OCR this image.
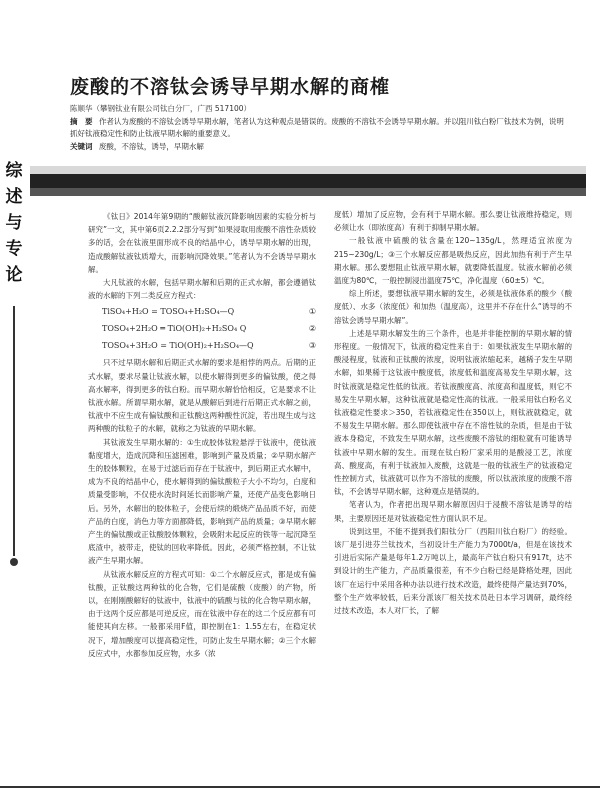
废酸的不溶钛会诱导早期水解的商榷
陈顺华（攀钢钛业有限公司钛白分厂，广西 517100）
摘　要 作者认为废酸的不溶钛会诱导早期水解，笔者认为这种观点是错误的。废酸的不溶钛不会诱导早期水解。并以阻川钛白粉厂钛技术为例，说明抓好钛液稳定性和防止钛液早期水解的重要意义。
关键词 废酸，不溶钛，诱导，早期水解
综
述
与
专
论

《钛日》2014年第9期的“酸解钛液沉降影响因素的实验分析与研究”一文，其中第6页2.2.2部分写到“如果浸取用废酸不溶性杂质较多的话，会在钛液里面形成不良的结晶中心，诱导早期水解的出现，造成酸解钛液钛质增大，而影响沉降效果。”笔者认为不会诱导早期水解。

大凡钛液的水解，包括早期水解和后期的正式水解，都会遵循钛液的水解的下列二类反应方程式：

TiSO₄+H₂O = TOSO₄+H₂SO₄—Q	①
TOSO₄+2H₂O ═ TiO(OH)₂+H₂SO₄ Q	②
TOSO₄+3H₂O = TiO(OH)₂+H₂SO₄—Q	③

只不过早期水解和后期正式水解的要求是相悖的两点。后期的正式水解，要求尽量让钛液水解，以使水解得到更多的偏钛酸，使之得高水解率，得到更多的钛白粉。而早期水解恰恰相反，它是要求不让钛液水解。所谓早期水解，就是从酸解后到进行后期正式水解之前，钛液中不应生成有偏钛酸和正钛酸这两种酸性沉淀，若出现生成与这两种酸的钛粒子的水解，就称之为钛液的早期水解。

其钛液发生早期水解的：①生成胶体钛粒悬浮于钛液中，使钛液黏度增大，造成沉降和压滤困难，影响到产量及质量；②早期水解产生的胶体颗粒，在易于过滤后而存在于钛液中，到后期正式水解中，成为不良的结晶中心，使水解得到的偏钛酸粒子大小不均匀，白度和质量受影响，不仅使水洗时间延长而影响产量，还使产品变色影响日后。另外，水解出的胶体粒子，会使后续的煅烧产品品质不好，而使产品的白度，消色力等方面都降低，影响到产品的质量；③早期水解产生的偏钛酸或正钛酸胶体颗粒，会吸附未起反应的铁等一起沉降至底渣中，被带走，使钛的回收率降低。因此，必须严格控制，不让钛液产生早期水解。

从钛液水解反应的方程式可知：①二个水解反应式，都是成有偏钛酸，正钛酸这两种钛的化合物，它们是硫酸（废酸）的产物，所以，在刚刚酸解好的钛液中，钛液中的硫酸与钛的化合物早期水解，由于这两个反应都是可逆反应，而在钛液中存在的这二个反应都有可能使其向左移。一般都采用F值，即控制在1：1.55左右，在稳定状况下，增加酸度可以提高稳定性，可防止发生早期水解；②三个水解反应式中，水都参加反应物，水多（浓

度低）增加了反应物，会有利于早期水解。那么要让钛液维持稳定，则必须让水（即浓度高）有利于抑制早期水解。

一般钛液中硫酸的钛含量在120~135g/L，然理适宜浓度为215~230g/L；③三个水解反应都是吸热反应，因此加热有利于产生早期水解。那么要想阻止钛液早期水解，就要降低温度。钛液水解前必须温度为80℃，一般控制浸出温度75℃，净化温度（60±5）℃。

综上所述，要想钛液早期水解的发生，必须是钛液体系的酸少（酸度低）、水多（浓度低）和加热（温度高），这里并不存在什么“诱导的不溶钛会诱导早期水解”。

上述是早期水解发生的三个条件，也是并非能控制的早期水解的情形程度。一般情况下，钛液的稳定性来自于：如果钛液发生早期水解的酸浸程度，钛液和正钛酸的浓度，说明钛液浓缩起来，越稀子发生早期水解，如果稀于这钛液中酸度低，浓度低和温度高易发生早期水解，这时钛液就是稳定性低的钛液。若钛液酸度高、浓度高和温度低，则它不易发生早期水解，这种钛液就是稳定性高的钛液。一般采用钛白粉名义钛液稳定性要求＞350，若钛液稳定性在350以上，则钛液就稳定，就不易发生早期水解。那么即使钛液中存在不溶性钛的杂质，但是由于钛液本身稳定，不致发生早期水解，这些废酸不溶钛的细粒就有可能诱导钛液中早期水解的发生。而现在钛白粉厂家采用的是酸浸工艺，浓度高、酸度高，有利于钛液加入废酸，这就是一般的钛液生产的钛液稳定性控制方式，钛液就可以作为不溶钛的废酸，所以钛液浓度的废酸不溶钛，不会诱导早期水解，这种观点是错误的。

笔者认为，作者把出现早期水解原因归于浸酸不溶钛是诱导的结果，主要原因还是对钛液稳定性方面认识不足。

说到这里，不能不提到我们阳钛分厂（西阳川钛白粉厂）的经验。该厂是引进芬兰钛技术，当初设计生产能力为7000t/a，但是在该技术引进后实际产量是每年1.2万吨以上，最高年产钛白粉只有917t，达不到设计的生产能力，产品质量很差，有不少白粉已经是降格处理，因此该厂在运行中采用各种办法以进行技术改造，最终使得产量达到70%，整个生产效率较低，后来分派该厂相关技术员赴日本学习调研，最终经过技术改造，本人对厂长，了解
